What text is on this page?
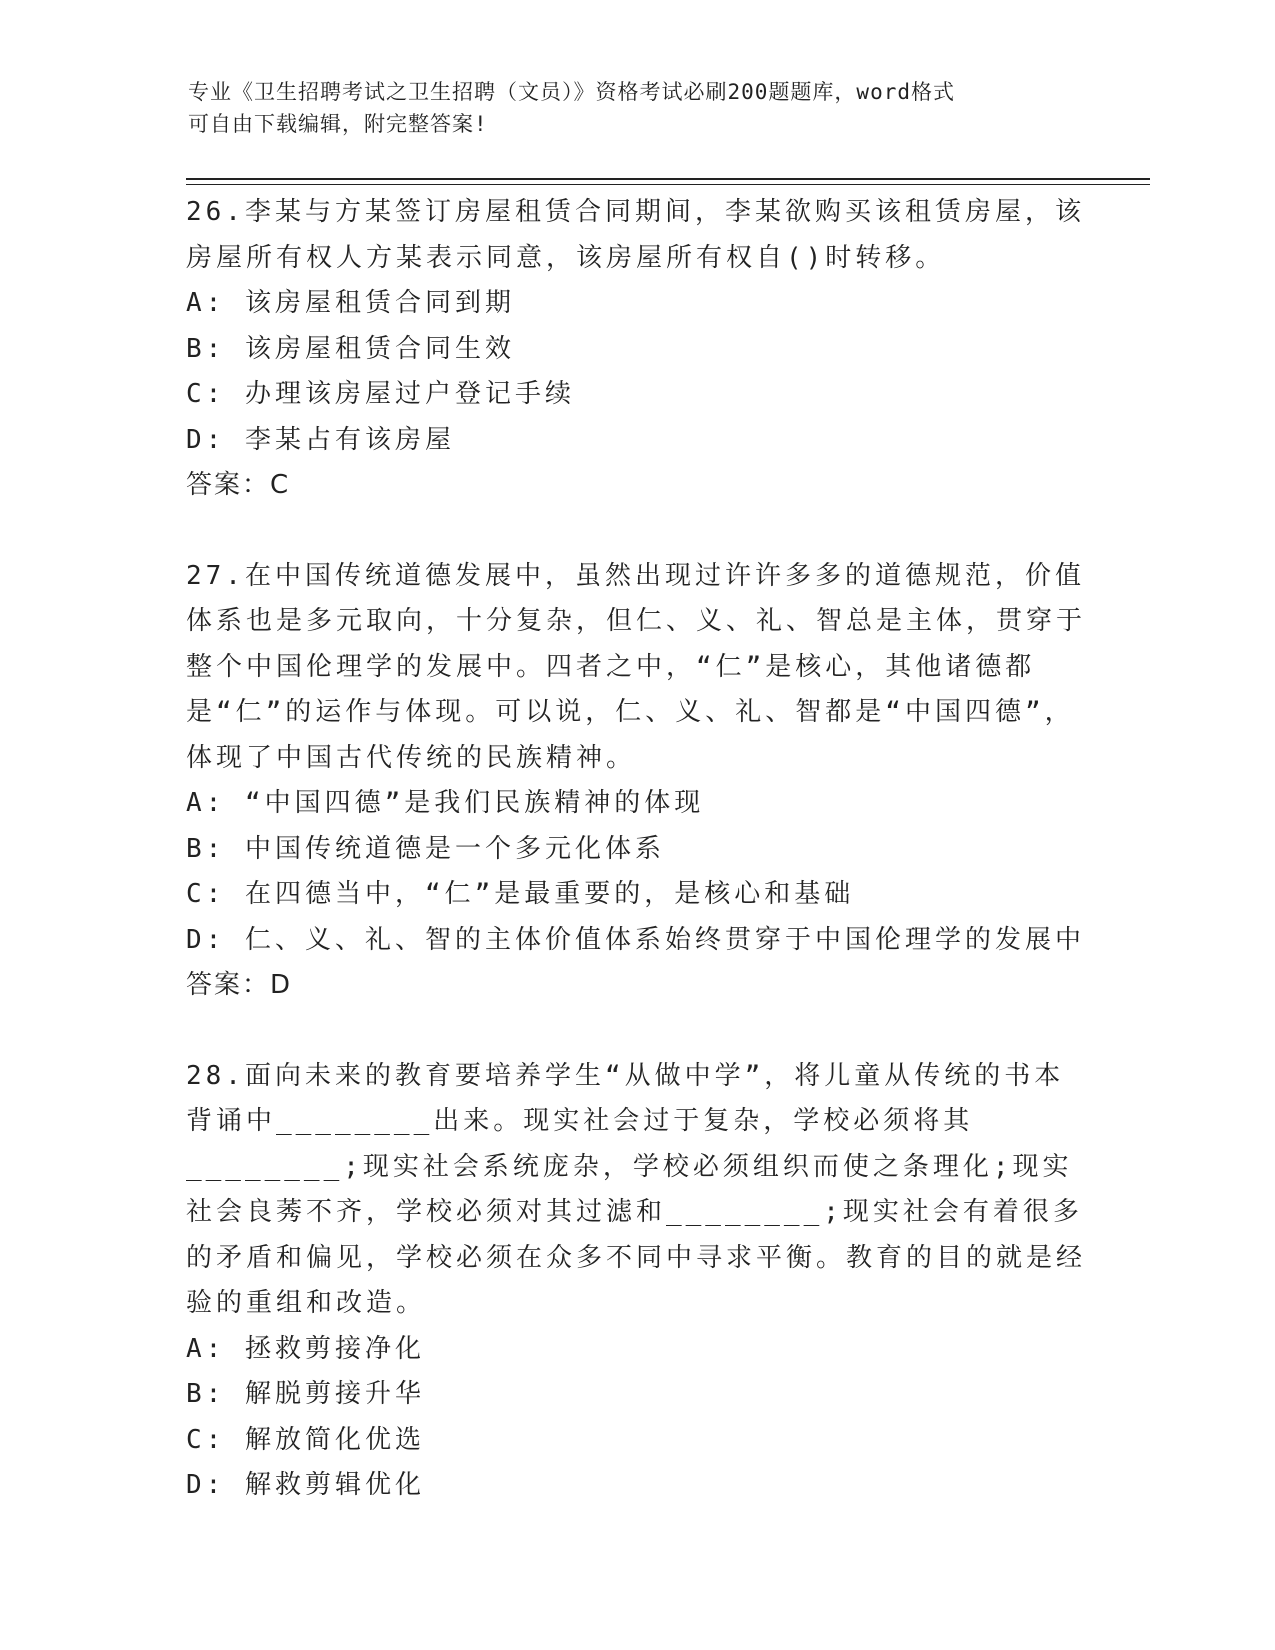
专业《卫生招聘考试之卫生招聘（文员）》资格考试必刷200题题库，word格式
可自由下载编辑，附完整答案!

26.李某与方某签订房屋租赁合同期间，李某欲购买该租赁房屋，该房屋所有权人方某表示同意，该房屋所有权自()时转移。

A: 该房屋租赁合同到期

B: 该房屋租赁合同生效

C: 办理该房屋过户登记手续

D: 李某占有该房屋

答案：C

27.在中国传统道德发展中，虽然出现过许许多多的道德规范，价值体系也是多元取向，十分复杂，但仁、义、礼、智总是主体，贯穿于整个中国伦理学的发展中。四者之中，“仁”是核心，其他诸德都是“仁”的运作与体现。可以说，仁、义、礼、智都是“中国四德”，体现了中国古代传统的民族精神。

A: “中国四德”是我们民族精神的体现

B: 中国传统道德是一个多元化体系

C: 在四德当中，“仁”是最重要的，是核心和基础

D: 仁、义、礼、智的主体价值体系始终贯穿于中国伦理学的发展中

答案：D

28.面向未来的教育要培养学生“从做中学”，将儿童从传统的书本背诵中________出来。现实社会过于复杂，学校必须将其________;现实社会系统庞杂，学校必须组织而使之条理化;现实社会良莠不齐，学校必须对其过滤和________;现实社会有着很多的矛盾和偏见，学校必须在众多不同中寻求平衡。教育的目的就是经验的重组和改造。

A: 拯救剪接净化

B: 解脱剪接升华

C: 解放简化优选

D: 解救剪辑优化
